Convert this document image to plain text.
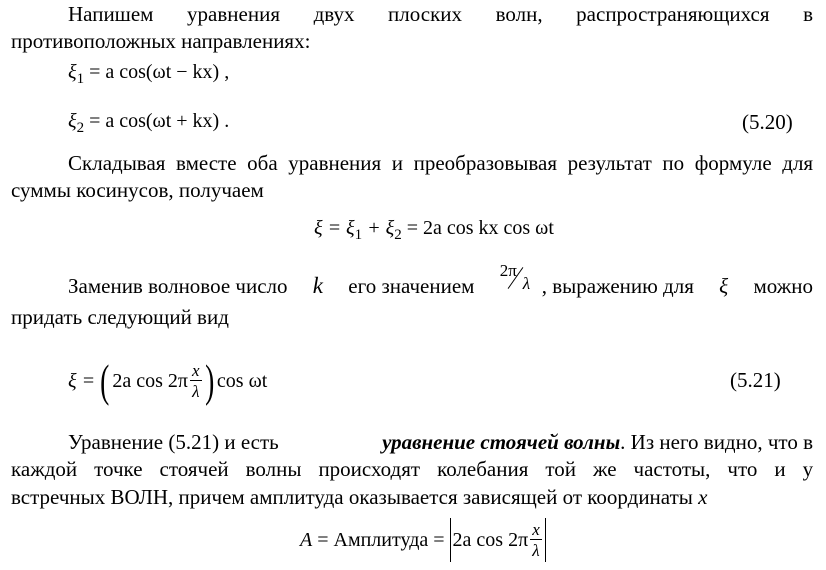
Напишем уравнения двух плоских волн, распространяющихся в
противоположных направлениях:
$\xi_1 = a$ cos(ωt − kx) ,
$\xi_2 = a$ cos(ωt + kx) .	(5.20)
Складывая вместе оба уравнения и преобразовывая результат по формуле для
суммы косинусов, получаем
$\xi = \xi_1 + \xi_2 = 2a$ cos kx cos ωt
Заменив волновое число k его значением
2π
λ , выражению для ξ можно
придать следующий вид
ξ = ( 2a $\cos 2\pi \frac{x}{\lambda}$ ) cos ωt	(5.21)
Уравнение (5.21) и есть	уравнение стоячей волны. Из него видно, что в
каждой точке стоячей волны происходят колебания той же частоты, что и у
встречных ВОЛН, причем амплитуда оказывается зависящей от координаты x
A = Амплитуда = 2a $\cos 2\pi \frac{x}{\lambda}$
